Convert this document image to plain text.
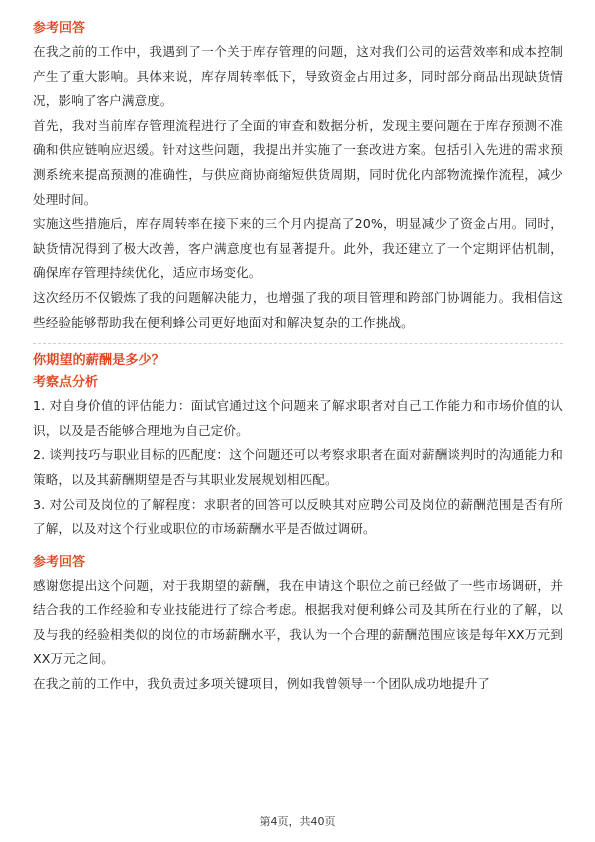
参考回答

在我之前的工作中，我遇到了一个关于库存管理的问题，这对我们公司的运营效率和成本控制产生了重大影响。具体来说，库存周转率低下，导致资金占用过多，同时部分商品出现缺货情况，影响了客户满意度。

首先，我对当前库存管理流程进行了全面的审查和数据分析，发现主要问题在于库存预测不准确和供应链响应迟缓。针对这些问题，我提出并实施了一套改进方案。包括引入先进的需求预测系统来提高预测的准确性，与供应商协商缩短供货周期，同时优化内部物流操作流程，减少处理时间。

实施这些措施后，库存周转率在接下来的三个月内提高了20%，明显减少了资金占用。同时，缺货情况得到了极大改善，客户满意度也有显著提升。此外，我还建立了一个定期评估机制，确保库存管理持续优化，适应市场变化。

这次经历不仅锻炼了我的问题解决能力，也增强了我的项目管理和跨部门协调能力。我相信这些经验能够帮助我在便利蜂公司更好地面对和解决复杂的工作挑战。

你期望的薪酬是多少？

考察点分析

1. 对自身价值的评估能力：面试官通过这个问题来了解求职者对自己工作能力和市场价值的认识，以及是否能够合理地为自己定价。

2. 谈判技巧与职业目标的匹配度：这个问题还可以考察求职者在面对薪酬谈判时的沟通能力和策略，以及其薪酬期望是否与其职业发展规划相匹配。

3. 对公司及岗位的了解程度：求职者的回答可以反映其对应聘公司及岗位的薪酬范围是否有所了解，以及对这个行业或职位的市场薪酬水平是否做过调研。

参考回答

感谢您提出这个问题，对于我期望的薪酬，我在申请这个职位之前已经做了一些市场调研，并结合我的工作经验和专业技能进行了综合考虑。根据我对便利蜂公司及其所在行业的了解，以及与我的经验相类似的岗位的市场薪酬水平，我认为一个合理的薪酬范围应该是每年XX万元到XX万元之间。

在我之前的工作中，我负责过多项关键项目，例如我曾领导一个团队成功地提升了

第4页，共40页
